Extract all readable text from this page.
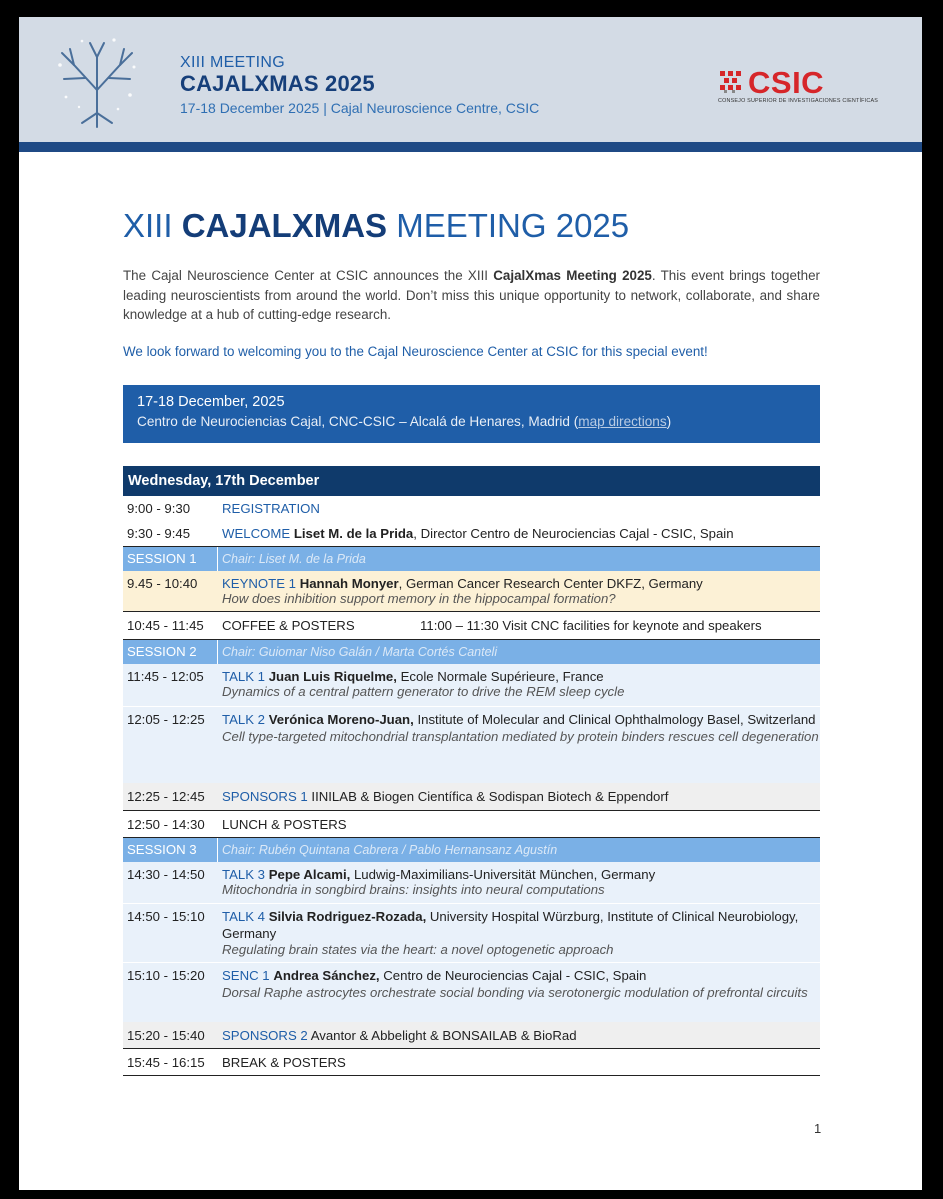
XIII MEETING
CAJALXMAS 2025
17-18 December 2025 | Cajal Neuroscience Centre, CSIC
CSIC
CONSEJO SUPERIOR DE INVESTIGACIONES CIENTÍFICAS
XIII CAJALXMAS MEETING 2025
The Cajal Neuroscience Center at CSIC announces the XIII CajalXmas Meeting 2025. This event brings together leading neuroscientists from around the world. Don’t miss this unique opportunity to network, collaborate, and share knowledge at a hub of cutting-edge research.
We look forward to welcoming you to the Cajal Neuroscience Center at CSIC for this special event!
17-18 December, 2025
Centro de Neurociencias Cajal, CNC-CSIC – Alcalá de Henares, Madrid (map directions)
Wednesday, 17th December
9:00 - 9:30	REGISTRATION
9:30 - 9:45	WELCOME Liset M. de la Prida, Director Centro de Neurociencias Cajal - CSIC, Spain
SESSION 1	Chair: Liset M. de la Prida
9.45 - 10:40	KEYNOTE 1 Hannah Monyer, German Cancer Research Center DKFZ, Germany
How does inhibition support memory in the hippocampal formation?
10:45 - 11:45	COFFEE & POSTERS	11:00 – 11:30 Visit CNC facilities for keynote and speakers
SESSION 2	Chair: Guiomar Niso Galán / Marta Cortés Canteli
11:45 - 12:05	TALK 1 Juan Luis Riquelme, Ecole Normale Supérieure, France
Dynamics of a central pattern generator to drive the REM sleep cycle
12:05 - 12:25	TALK 2 Verónica Moreno-Juan, Institute of Molecular and Clinical Ophthalmology Basel, Switzerland
Cell type-targeted mitochondrial transplantation mediated by protein binders rescues cell degeneration
12:25 - 12:45	SPONSORS 1 IINILAB & Biogen Científica & Sodispan Biotech & Eppendorf
12:50 - 14:30	LUNCH & POSTERS
SESSION 3	Chair: Rubén Quintana Cabrera / Pablo Hernansanz Agustín
14:30 - 14:50	TALK 3 Pepe Alcami, Ludwig-Maximilians-Universität München, Germany
Mitochondria in songbird brains: insights into neural computations
14:50 - 15:10	TALK 4 Silvia Rodriguez-Rozada, University Hospital Würzburg, Institute of Clinical Neurobiology, Germany
Regulating brain states via the heart: a novel optogenetic approach
15:10 - 15:20	SENC 1 Andrea Sánchez, Centro de Neurociencias Cajal - CSIC, Spain
Dorsal Raphe astrocytes orchestrate social bonding via serotonergic modulation of prefrontal circuits
15:20 - 15:40	SPONSORS 2 Avantor & Abbelight & BONSAILAB & BioRad
15:45 - 16:15	BREAK & POSTERS
1
